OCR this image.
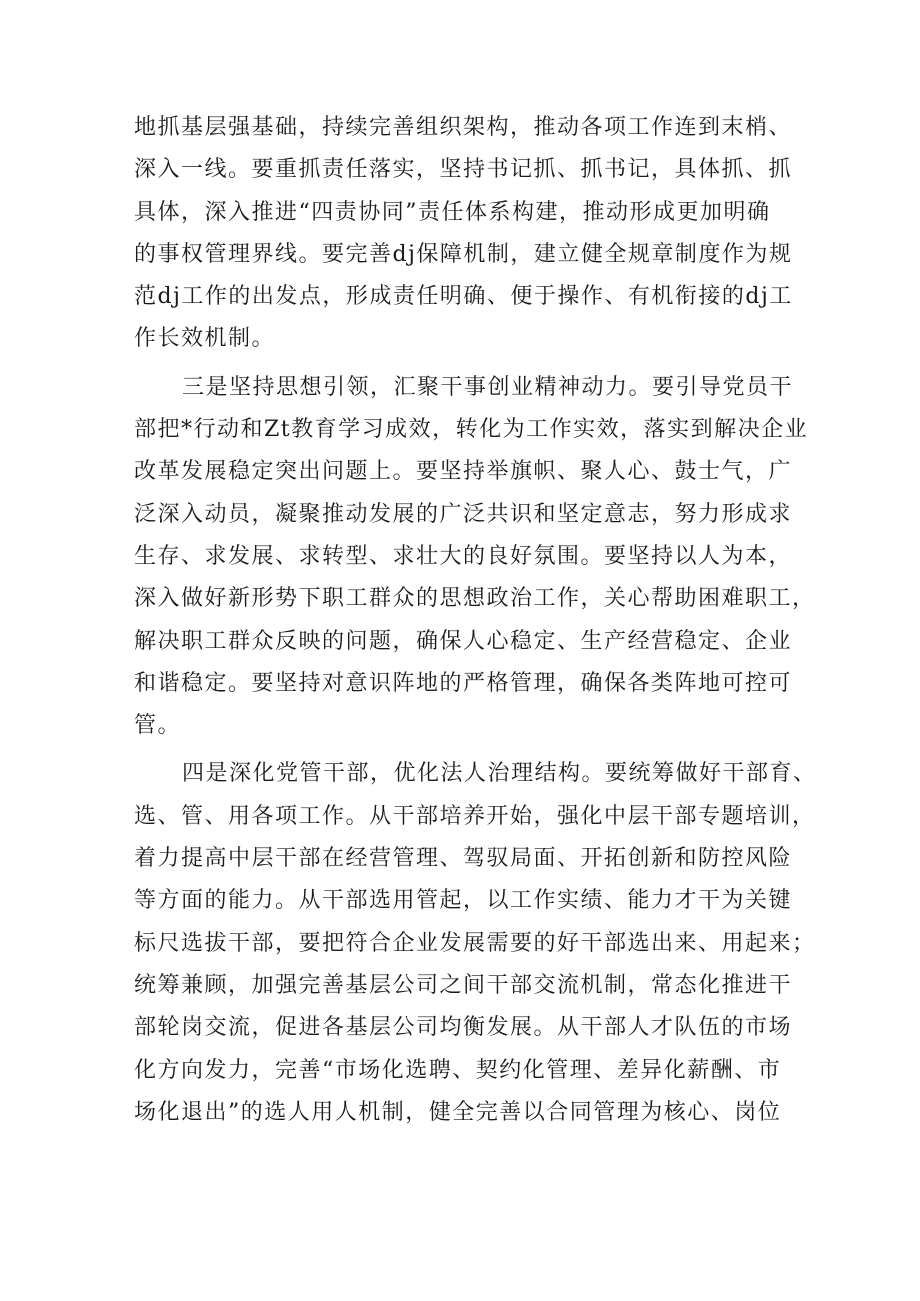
地抓基层强基础，持续完善组织架构，推动各项工作连到末梢、
深入一线。要重抓责任落实，坚持书记抓、抓书记，具体抓、抓
具体，深入推进“四责协同”责任体系构建，推动形成更加明确
的事权管理界线。要完善dj保障机制，建立健全规章制度作为规
范dj工作的出发点，形成责任明确、便于操作、有机衔接的dj工
作长效机制。

三是坚持思想引领，汇聚干事创业精神动力。要引导党员干
部把*行动和Zt教育学习成效，转化为工作实效，落实到解决企业
改革发展稳定突出问题上。要坚持举旗帜、聚人心、鼓士气，广
泛深入动员，凝聚推动发展的广泛共识和坚定意志，努力形成求
生存、求发展、求转型、求壮大的良好氛围。要坚持以人为本，
深入做好新形势下职工群众的思想政治工作，关心帮助困难职工，
解决职工群众反映的问题，确保人心稳定、生产经营稳定、企业
和谐稳定。要坚持对意识阵地的严格管理，确保各类阵地可控可
管。

四是深化党管干部，优化法人治理结构。要统筹做好干部育、
选、管、用各项工作。从干部培养开始，强化中层干部专题培训，
着力提高中层干部在经营管理、驾驭局面、开拓创新和防控风险
等方面的能力。从干部选用管起，以工作实绩、能力才干为关键
标尺选拔干部，要把符合企业发展需要的好干部选出来、用起来；
统筹兼顾，加强完善基层公司之间干部交流机制，常态化推进干
部轮岗交流，促进各基层公司均衡发展。从干部人才队伍的市场
化方向发力，完善“市场化选聘、契约化管理、差异化薪酬、市
场化退出”的选人用人机制，健全完善以合同管理为核心、岗位
